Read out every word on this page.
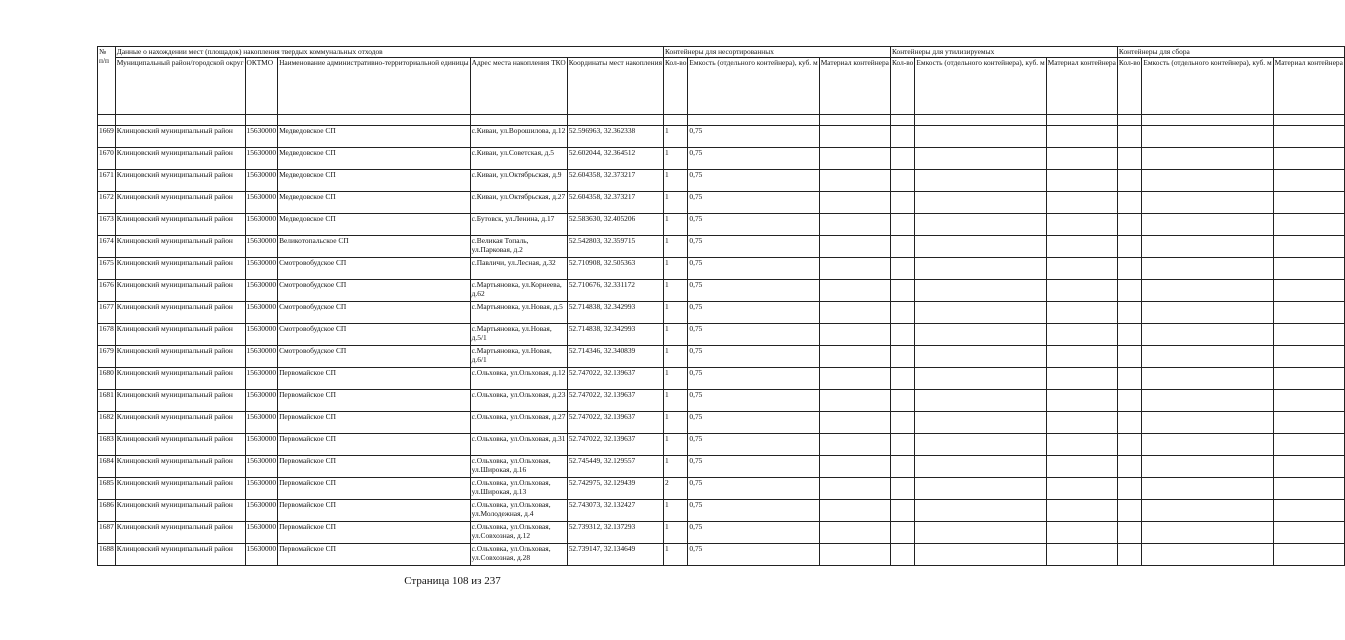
№ п/п	Данные о нахождении мест (площадок) накопления твердых коммунальных отходов					Контейнеры для несортированных			Контейнеры для утилизируемых			Контейнеры для сбора		
	Муниципальный район/городской округ	ОКТМО	Наименование административно-территориальной единицы	Адрес места накопления ТКО	Координаты мест накопления	Кол-во	Емкость (отдельного контейнера), куб. м	Материал контейнера	Кол-во	Емкость (отдельного контейнера), куб. м	Материал контейнера	Кол-во	Емкость (отдельного контейнера), куб. м	Материал контейнера

1669	Клинцовский муниципальный район	15630000	Медведовское СП	с.Киваи, ул.Ворошилова, д.12	52.596963, 32.362338	1	0,75							
1670	Клинцовский муниципальный район	15630000	Медведовское СП	с.Киваи, ул.Советская, д.5	52.602044, 32.364512	1	0,75							
1671	Клинцовский муниципальный район	15630000	Медведовское СП	с.Киваи, ул.Октябрьская, д.9	52.604358, 32.373217	1	0,75							
1672	Клинцовский муниципальный район	15630000	Медведовское СП	с.Киваи, ул.Октябрьская, д.27	52.604358, 32.373217	1	0,75							
1673	Клинцовский муниципальный район	15630000	Медведовское СП	с.Бутовск, ул.Ленина, д.17	52.583630, 32.405206	1	0,75							
1674	Клинцовский муниципальный район	15630000	Великотопальское СП	с.Великая Топаль, ул.Парковая, д.2	52.542803, 32.359715	1	0,75							
1675	Клинцовский муниципальный район	15630000	Смотровобудское СП	с.Павличи, ул.Лесная, д.32	52.710908, 32.505363	1	0,75							
1676	Клинцовский муниципальный район	15630000	Смотровобудское СП	с.Мартьяновка, ул.Корнеева, д.62	52.710676, 32.331172	1	0,75							
1677	Клинцовский муниципальный район	15630000	Смотровобудское СП	с.Мартьяновка, ул.Новая, д.5	52.714838, 32.342993	1	0,75							
1678	Клинцовский муниципальный район	15630000	Смотровобудское СП	с.Мартьяновка, ул.Новая, д.5/1	52.714838, 32.342993	1	0,75							
1679	Клинцовский муниципальный район	15630000	Смотровобудское СП	с.Мартьяновка, ул.Новая, д.6/1	52.714346, 32.340839	1	0,75							
1680	Клинцовский муниципальный район	15630000	Первомайское СП	с.Ольховка, ул.Ольховая, д.12	52.747022, 32.139637	1	0,75							
1681	Клинцовский муниципальный район	15630000	Первомайское СП	с.Ольховка, ул.Ольховая, д.23	52.747022, 32.139637	1	0,75							
1682	Клинцовский муниципальный район	15630000	Первомайское СП	с.Ольховка, ул.Ольховая, д.27	52.747022, 32.139637	1	0,75							
1683	Клинцовский муниципальный район	15630000	Первомайское СП	с.Ольховка, ул.Ольховая, д.31	52.747022, 32.139637	1	0,75							
1684	Клинцовский муниципальный район	15630000	Первомайское СП	с.Ольховка, ул.Ольховая, ул.Широкая, д.16	52.745449, 32.129557	1	0,75							
1685	Клинцовский муниципальный район	15630000	Первомайское СП	с.Ольховка, ул.Ольховая, ул.Широкая, д.13	52.742975, 32.129439	2	0,75							
1686	Клинцовский муниципальный район	15630000	Первомайское СП	с.Ольховка, ул.Ольховая, ул.Молодежная, д.4	52.743073, 32.132427	1	0,75							
1687	Клинцовский муниципальный район	15630000	Первомайское СП	с.Ольховка, ул.Ольховая, ул.Совхозная, д.12	52.739312, 32.137293	1	0,75							
1688	Клинцовский муниципальный район	15630000	Первомайское СП	с.Ольховка, ул.Ольховая, ул.Совхозная, д.28	52.739147, 32.134649	1	0,75							
Страница 108 из 237
